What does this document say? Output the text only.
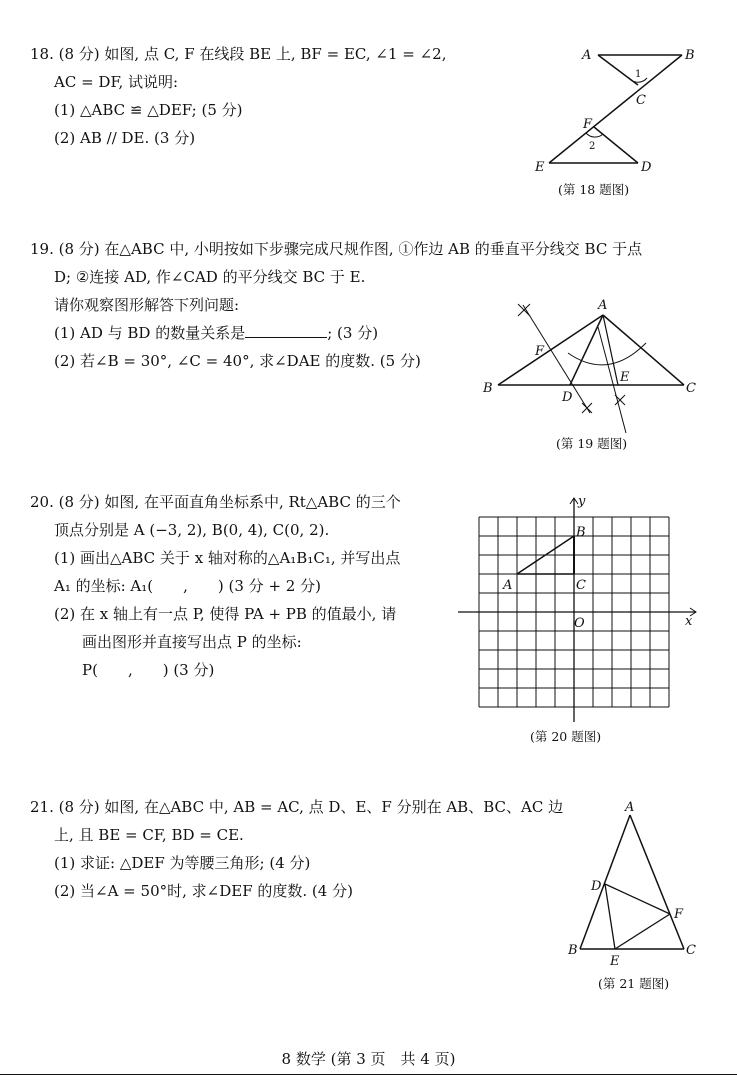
18. (8 分) 如图, 点 C, F 在线段 BE 上, BF = EC, ∠1 = ∠2,
AC = DF, 试说明:
(1) △ABC ≌ △DEF; (5 分)
(2) AB // DE. (3 分)
A	B
C
F
E	D
1
2
(第 18 题图)
19. (8 分) 在△ABC 中, 小明按如下步骤完成尺规作图, ①作边 AB 的垂直平分线交 BC 于点
D; ②连接 AD, 作∠CAD 的平分线交 BC 于 E.
请你观察图形解答下列问题:
(1) AD 与 BD 的数量关系是	; (3 分)
(2) 若∠B = 30°, ∠C = 40°, 求∠DAE 的度数. (5 分)
A
B	C
D
E
F
(第 19 题图)
20. (8 分) 如图, 在平面直角坐标系中, Rt△ABC 的三个
顶点分别是 A (−3, 2), B(0, 4), C(0, 2).
(1) 画出△ABC 关于 x 轴对称的△A₁B₁C₁, 并写出点
A₁ 的坐标: A₁(　　,　　) (3 分 + 2 分)
(2) 在 x 轴上有一点 P, 使得 PA + PB 的值最小, 请
画出图形并直接写出点 P 的坐标:
P(　　,　　) (3 分)
x
y
A
B
C
O
(第 20 题图)
21. (8 分) 如图, 在△ABC 中, AB = AC, 点 D、E、F 分别在 AB、BC、AC 边
上, 且 BE = CF, BD = CE.
(1) 求证: △DEF 为等腰三角形; (4 分)
(2) 当∠A = 50°时, 求∠DEF 的度数. (4 分)
A
B	C
D
E
F
(第 21 题图)
8 数学 (第 3 页　共 4 页)
